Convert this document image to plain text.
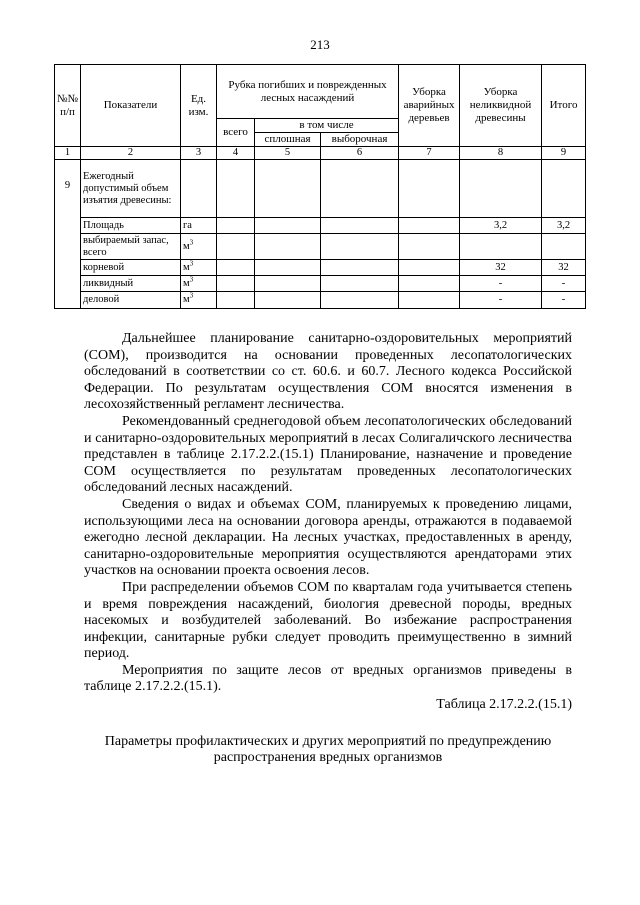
213
№№ п/п	Показатели	Ед. изм.	Рубка погибших и поврежденных лесных насаждений			Уборка аварийных деревьев	Уборка неликвидной древесины	Итого
			всего	в том числе				
				сплошная	выборочная			
1	2	3	4	5	6	7	8	9
9	Ежегодный допустимый объем изъятия древесины:							
	Площадь	га					3,2	3,2
	выбираемый запас, всего	$м^3$						
	корневой	$м^3$					32	32
	ликвидный	$м^3$					-	-
	деловой	$м^3$					-	-

Дальнейшее планирование санитарно-оздоровительных мероприятий (СОМ), производится на основании проведенных лесопатологических обследований в соответствии со ст. 60.6. и 60.7. Лесного кодекса Российской Федерации. По результатам осуществления СОМ вносятся изменения в лесохозяйственный регламент лесничества.

Рекомендованный среднегодовой объем лесопатологических обследований и санитарно-оздоровительных мероприятий в лесах Солигаличского лесничества представлен в таблице 2.17.2.2.(15.1) Планирование, назначение и проведение СОМ осуществляется по результатам проведенных лесопатологических обследований лесных насаждений.

Сведения о видах и объемах СОМ, планируемых к проведению лицами, использующими леса на основании договора аренды, отражаются в подаваемой ежегодно лесной декларации. На лесных участках, предоставленных в аренду, санитарно-оздоровительные мероприятия осуществляются арендаторами этих участков на основании проекта освоения лесов.

При распределении объемов СОМ по кварталам года учитывается степень и время повреждения насаждений, биология древесной породы, вредных насекомых и возбудителей заболеваний. Во избежание распространения инфекции, санитарные рубки следует проводить преимущественно в зимний период.

Мероприятия по защите лесов от вредных организмов приведены в таблице 2.17.2.2.(15.1).

Таблица 2.17.2.2.(15.1)

Параметры профилактических и других мероприятий по предупреждению распространения вредных организмов
